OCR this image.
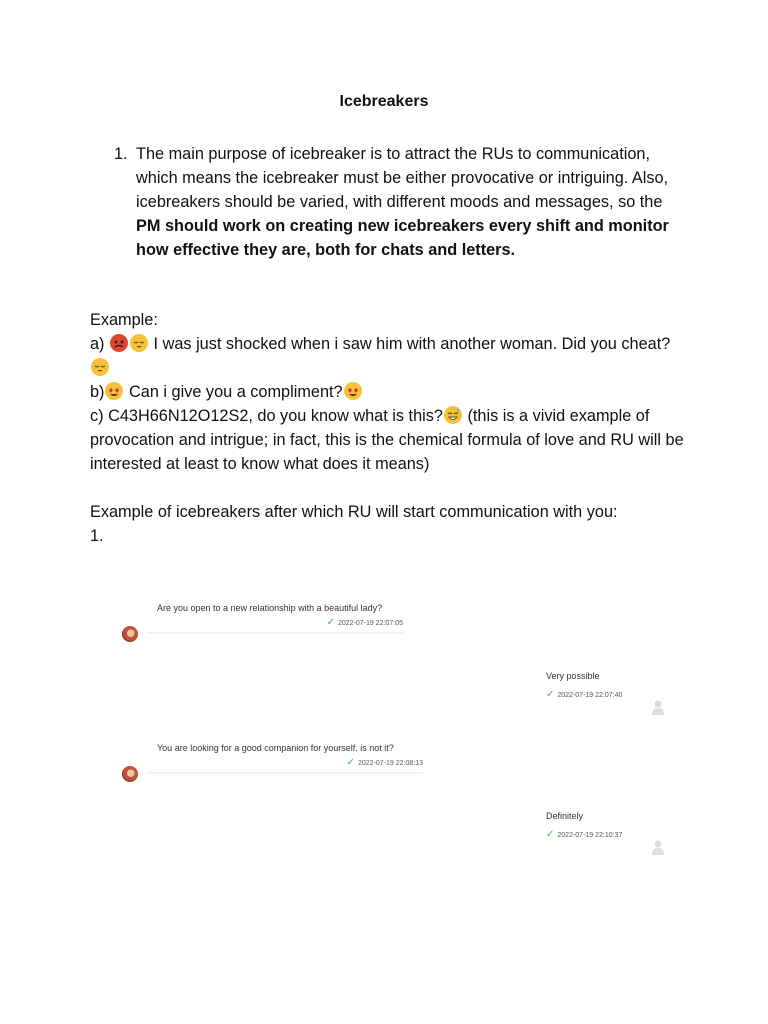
Icebreakers
1. The main purpose of icebreaker is to attract the RUs to communication, which means the icebreaker must be either provocative or intriguing. Also, icebreakers should be varied, with different moods and messages, so the PM should work on creating new icebreakers every shift and monitor how effective they are, both for chats and letters.

Example:

a)
I was just shocked when i saw him with another woman. Did you cheat?

b)
Can i give you a compliment?

c) C43H66N12O12S2, do you know what is this?
(this is a vivid example of provocation and intrigue; in fact, this is the chemical formula of love and RU will be interested at least to know what does it means)

Example of icebreakers after which RU will start communication with you:

1.

Are you open to a new relationship with a beautiful lady?
✓ 2022-07-19 22:07:05
Very possible
✓ 2022-07-19 22:07:40
You are looking for a good companion for yourself. is not it?
✓ 2022-07-19 22:08:13
Definitely
✓ 2022-07-19 22:10:37
